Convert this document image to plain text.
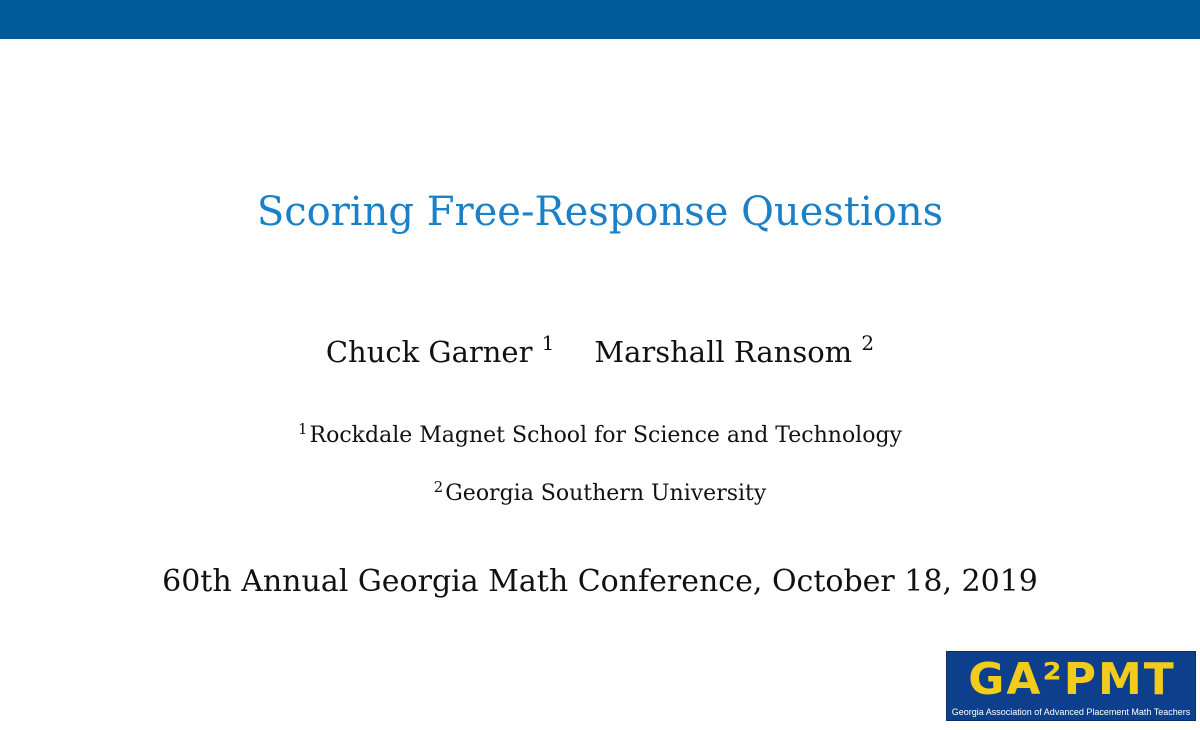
Scoring Free-Response Questions
Chuck Garner $^1$ Marshall Ransom $^2$
$^1$Rockdale Magnet School for Science and Technology
$^2$Georgia Southern University
60th Annual Georgia Math Conference, October 18, 2019
GA²PMT
Georgia Association of Advanced Placement Math Teachers
